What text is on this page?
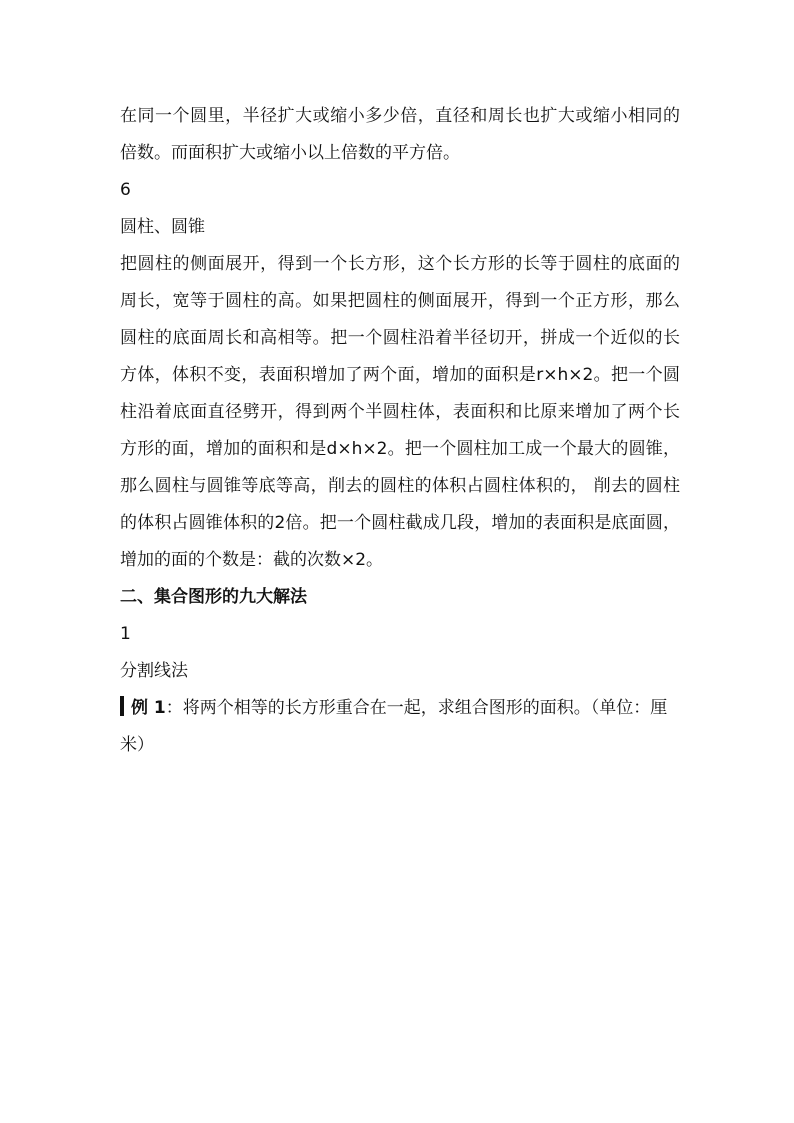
在同一个圆里，半径扩大或缩小多少倍，直径和周长也扩大或缩小相同的倍数。而面积扩大或缩小以上倍数的平方倍。

6

圆柱、圆锥

把圆柱的侧面展开，得到一个长方形，这个长方形的长等于圆柱的底面的周长，宽等于圆柱的高。如果把圆柱的侧面展开，得到一个正方形，那么圆柱的底面周长和高相等。把一个圆柱沿着半径切开，拼成一个近似的长方体，体积不变，表面积增加了两个面，增加的面积是r×h×2。把一个圆柱沿着底面直径劈开，得到两个半圆柱体，表面积和比原来增加了两个长方形的面，增加的面积和是d×h×2。把一个圆柱加工成一个最大的圆锥，那么圆柱与圆锥等底等高，削去的圆柱的体积占圆柱体积的， 削去的圆柱的体积占圆锥体积的2倍。把一个圆柱截成几段，增加的表面积是底面圆，增加的面的个数是：截的次数×2。

二、集合图形的九大解法

1

分割线法

例 1：将两个相等的长方形重合在一起，求组合图形的面积。（单位：厘米）
